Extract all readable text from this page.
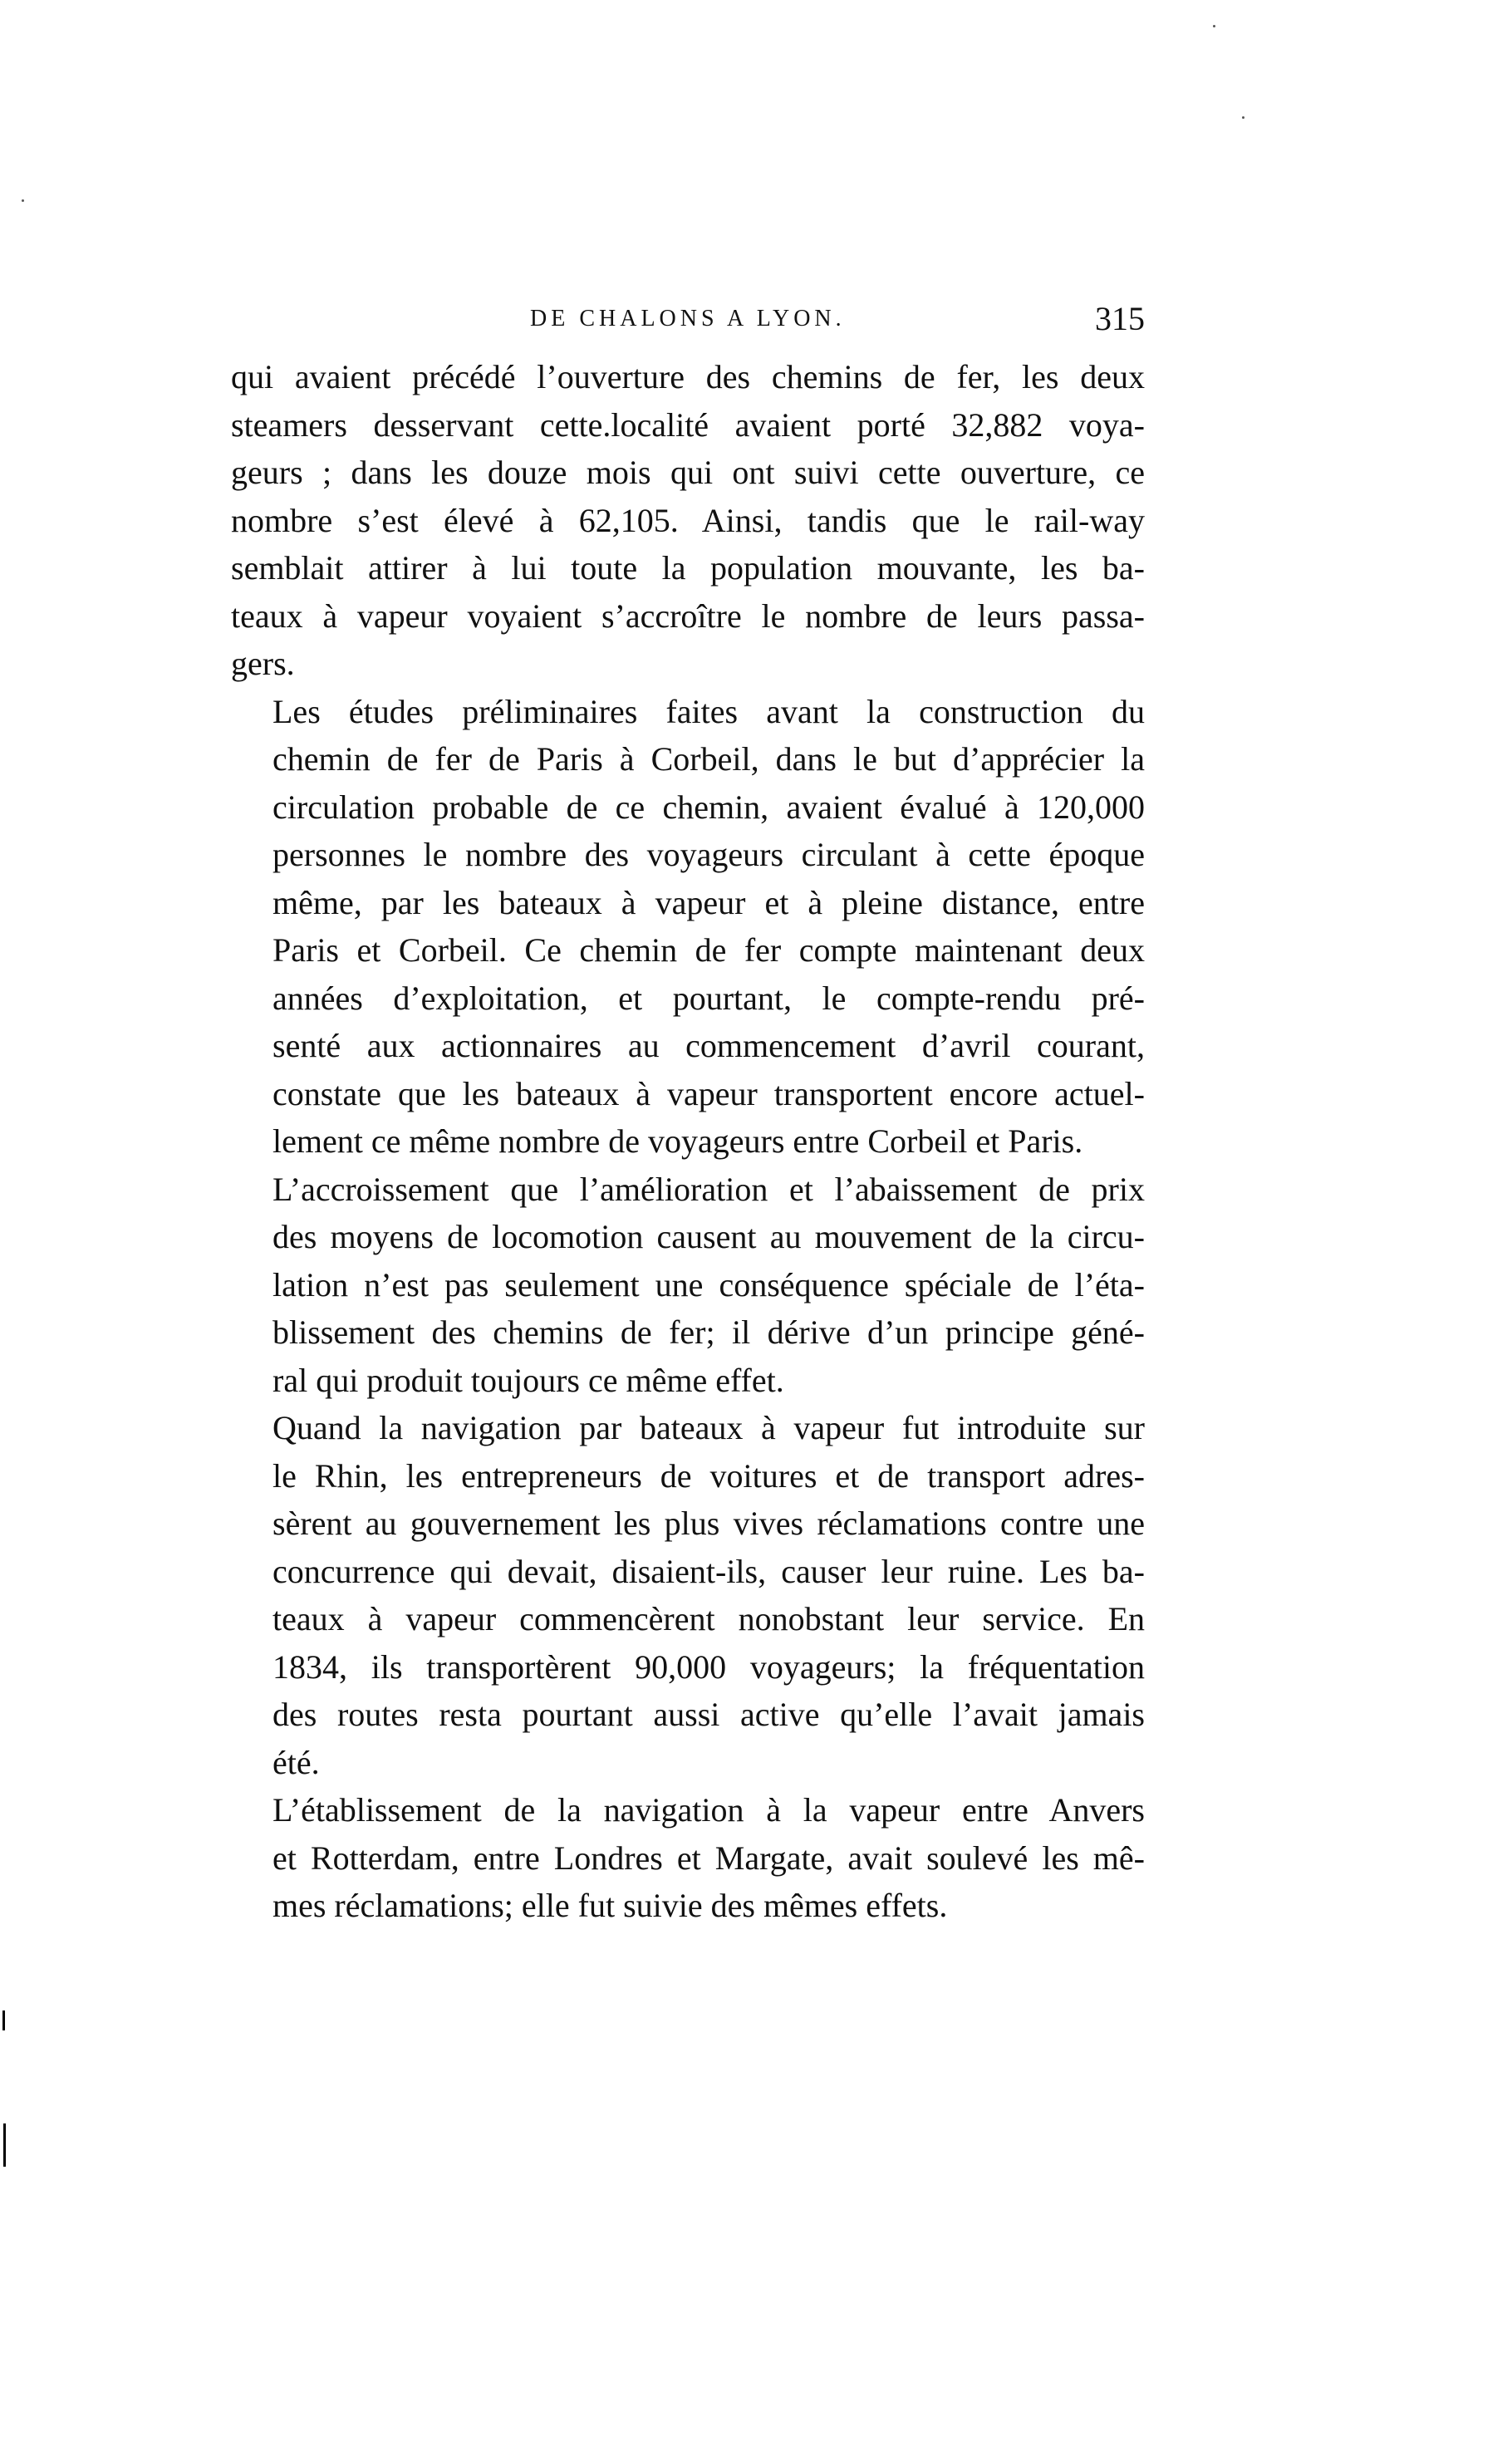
DE CHALONS A LYON.	315

qui avaient précédé l’ouverture des chemins de fer, les deux
steamers desservant cette.localité avaient porté 32,882 voya-
geurs ; dans les douze mois qui ont suivi cette ouverture, ce
nombre s’est élevé à 62,105. Ainsi, tandis que le rail-way
semblait attirer à lui toute la population mouvante, les ba-
teaux à vapeur voyaient s’accroître le nombre de leurs passa-
gers.

Les études préliminaires faites avant la construction du
chemin de fer de Paris à Corbeil, dans le but d’apprécier la
circulation probable de ce chemin, avaient évalué à 120,000
personnes le nombre des voyageurs circulant à cette époque
même, par les bateaux à vapeur et à pleine distance, entre
Paris et Corbeil. Ce chemin de fer compte maintenant deux
années d’exploitation, et pourtant, le compte-rendu pré-
senté aux actionnaires au commencement d’avril courant,
constate que les bateaux à vapeur transportent encore actuel-
lement ce même nombre de voyageurs entre Corbeil et Paris.

L’accroissement que l’amélioration et l’abaissement de prix
des moyens de locomotion causent au mouvement de la circu-
lation n’est pas seulement une conséquence spéciale de l’éta-
blissement des chemins de fer; il dérive d’un principe géné-
ral qui produit toujours ce même effet.

Quand la navigation par bateaux à vapeur fut introduite sur
le Rhin, les entrepreneurs de voitures et de transport adres-
sèrent au gouvernement les plus vives réclamations contre une
concurrence qui devait, disaient-ils, causer leur ruine. Les ba-
teaux à vapeur commencèrent nonobstant leur service. En
1834, ils transportèrent 90,000 voyageurs; la fréquentation
des routes resta pourtant aussi active qu’elle l’avait jamais
été.

L’établissement de la navigation à la vapeur entre Anvers
et Rotterdam, entre Londres et Margate, avait soulevé les mê-
mes réclamations; elle fut suivie des mêmes effets.
